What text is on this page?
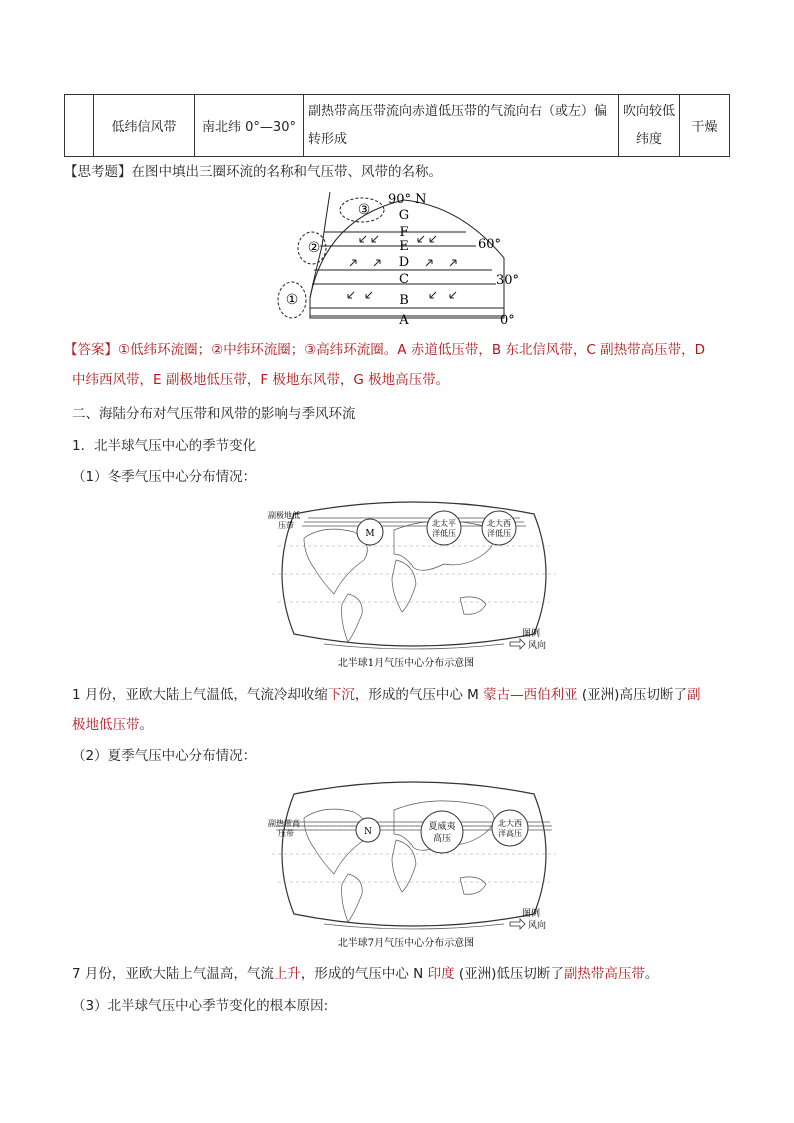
	低纬信风带	南北纬 0°—30°	副热带高压带流向赤道低压带的气流向右（或左）偏转形成	吹向较低纬度	干燥
【思考题】在图中填出三圈环流的名称和气压带、风带的名称。
G
F
E
D
C
B
A
①
②
③
90° N
60°
30°
0°
【答案】①低纬环流圈；②中纬环流圈；③高纬环流圈。A 赤道低压带，B 东北信风带，C 副热带高压带，D
中纬西风带，E 副极地低压带，F 极地东风带，G 极地高压带。
二、海陆分布对气压带和风带的影响与季风环流
1．北半球气压中心的季节变化
（1）冬季气压中心分布情况：
M
北太平
洋低压
北大西
洋低压
副极地低
压带
图例
风向
北半球1月气压中心分布示意图
1 月份，亚欧大陆上气温低，气流冷却收缩下沉，形成的气压中心 M 蒙古—西伯利亚 (亚洲)高压切断了副
极地低压带。
（2）夏季气压中心分布情况：
N	夏威夷
高压
北大西
洋高压
副热带高
压带
图例
风向
北半球7月气压中心分布示意图
7 月份，亚欧大陆上气温高，气流上升，形成的气压中心 N 印度 (亚洲)低压切断了副热带高压带。
（3）北半球气压中心季节变化的根本原因:
